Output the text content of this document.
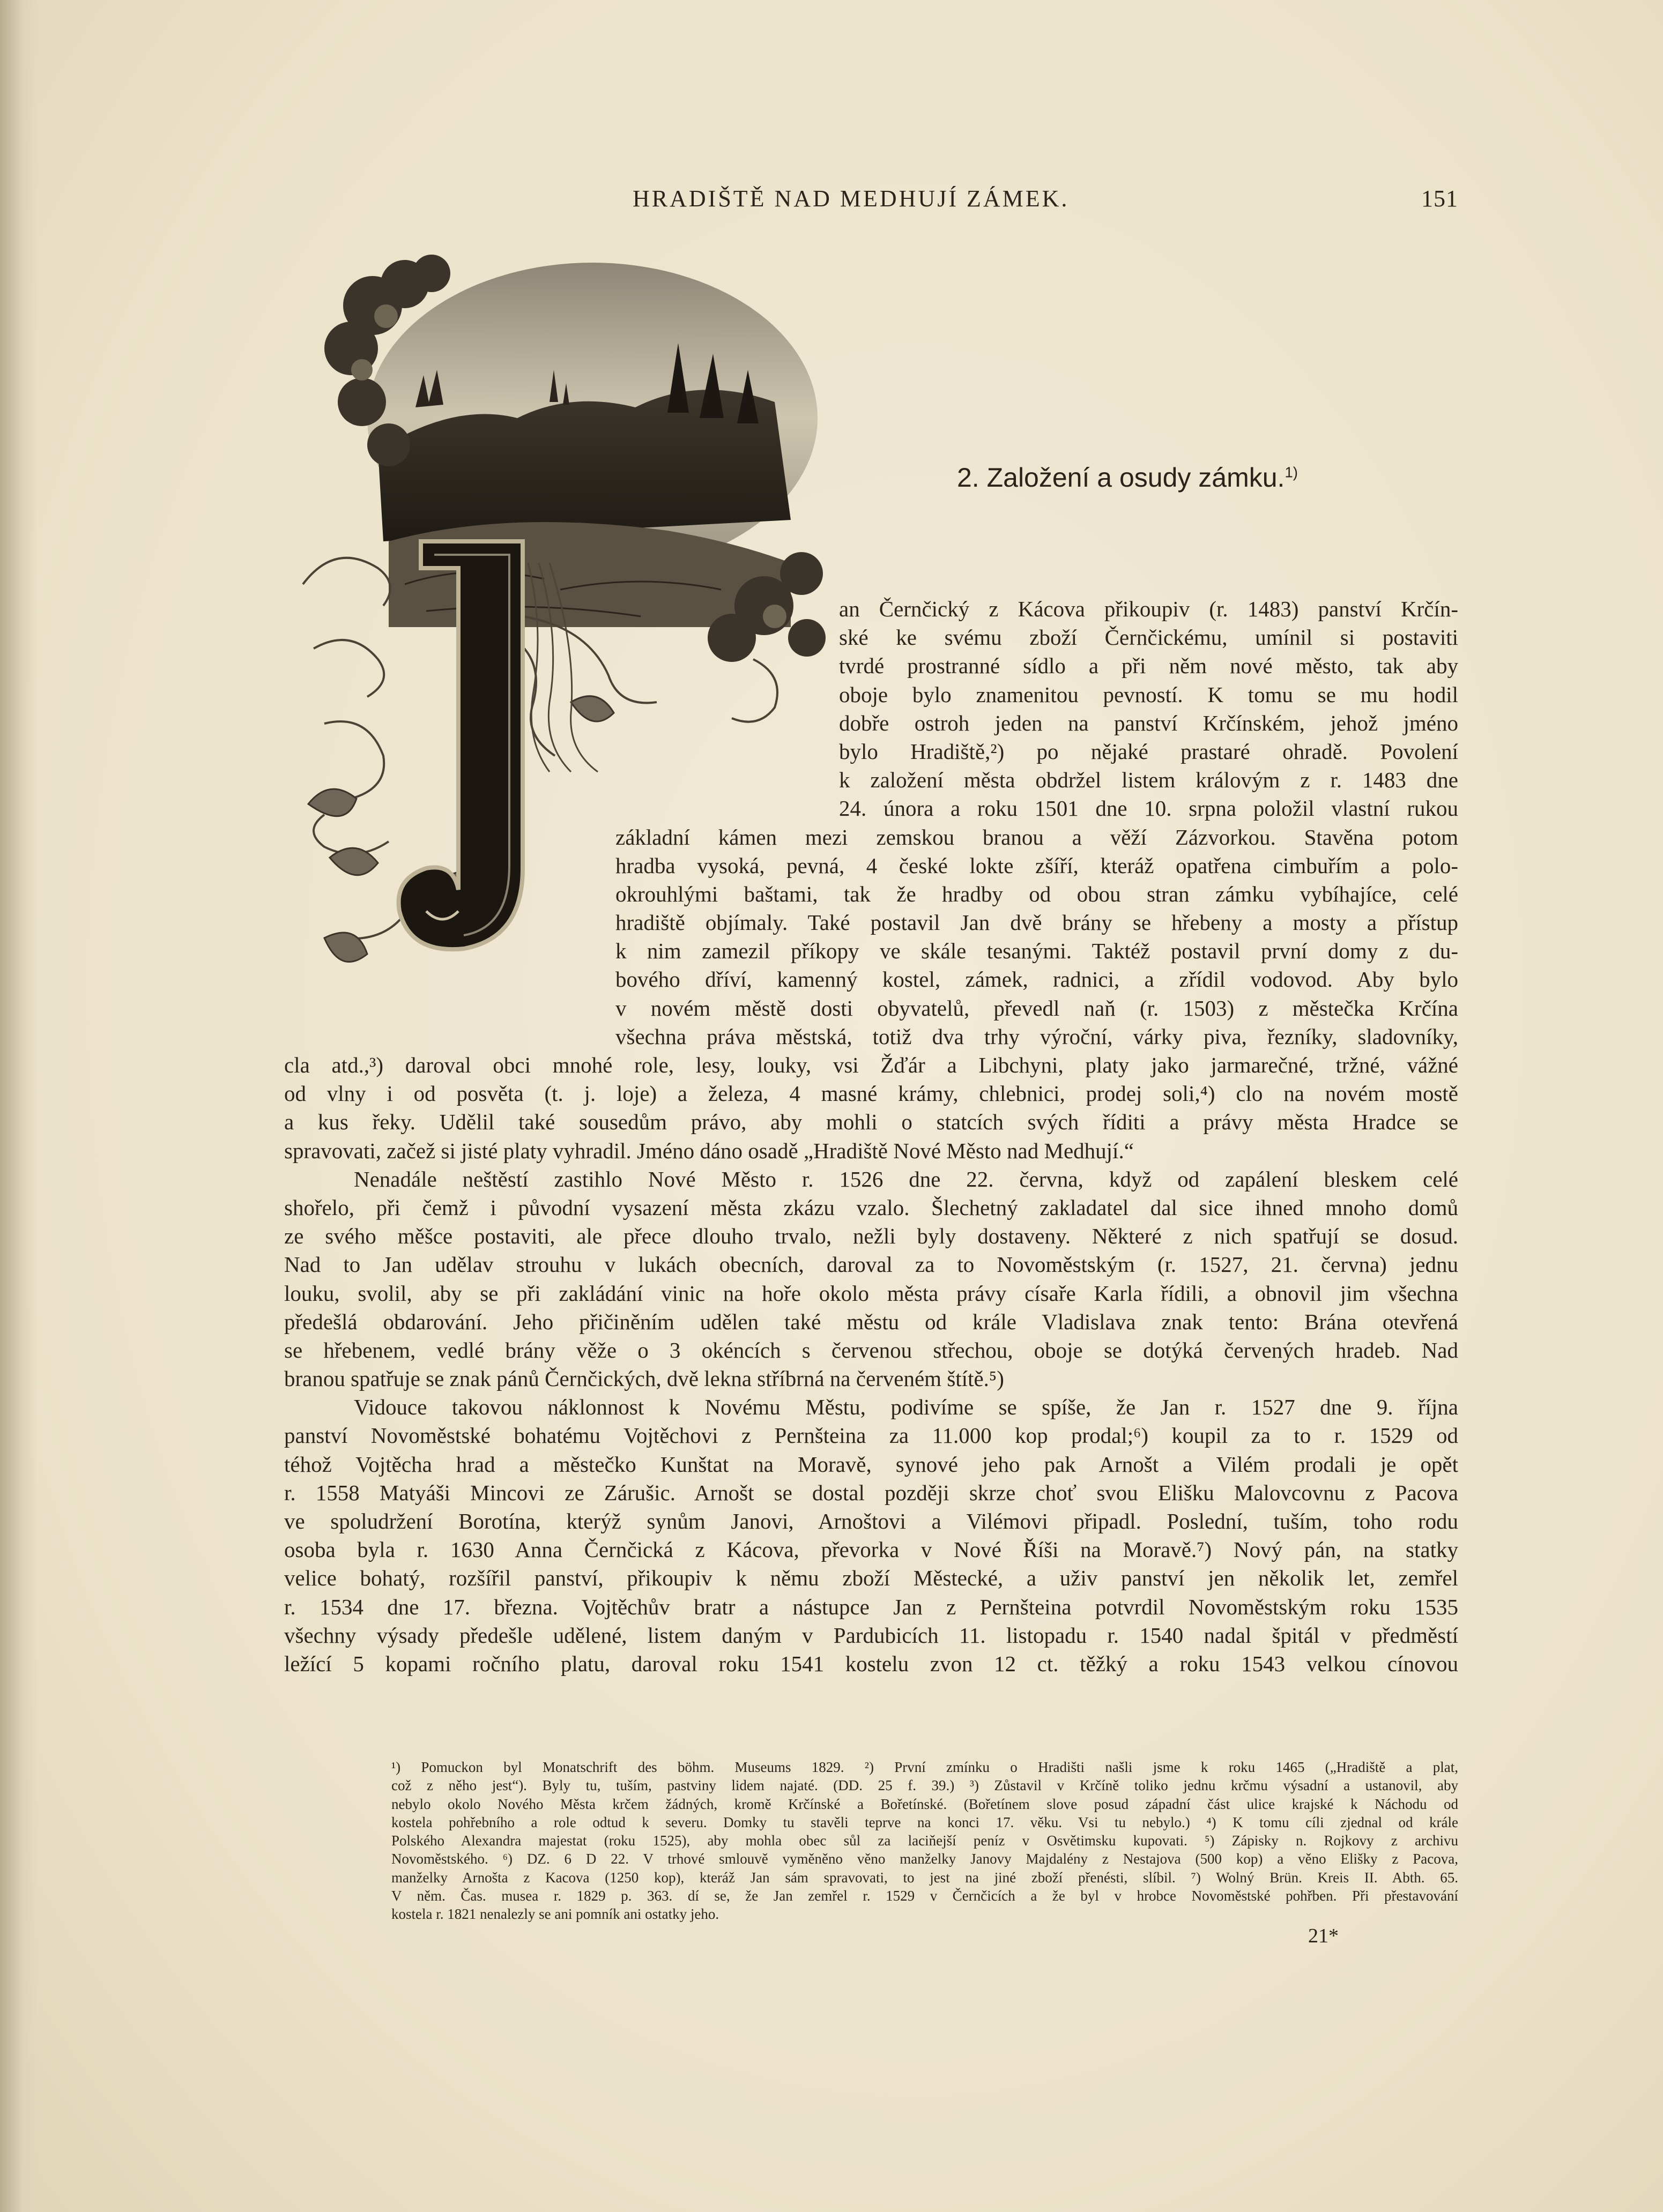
HRADIŠTĚ NAD MEDHUJÍ ZÁMEK.	151
J
2. Založení a osudy zámku.$^{1)}$
an Černčický z Kácova přikoupiv (r. 1483) panství Krčín-
ské ke svému zboží Černčickému, umínil si postaviti
tvrdé prostranné sídlo a při něm nové město, tak aby
oboje bylo znamenitou pevností. K tomu se mu hodil
dobře ostroh jeden na panství Krčínském, jehož jméno
bylo Hradiště,²) po nějaké prastaré ohradě. Povolení
k založení města obdržel listem královým z r. 1483 dne
24. února a roku 1501 dne 10. srpna položil vlastní rukou
základní kámen mezi zemskou branou a věží Zázvorkou. Stavěna potom
hradba vysoká, pevná, 4 české lokte zšíří, kteráž opatřena cimbuřím a polo-
okrouhlými baštami, tak že hradby od obou stran zámku vybíhajíce, celé
hradiště objímaly. Také postavil Jan dvě brány se hřebeny a mosty a přístup
k nim zamezil příkopy ve skále tesanými. Taktéž postavil první domy z du-
bového dříví, kamenný kostel, zámek, radnici, a zřídil vodovod. Aby bylo
v novém městě dosti obyvatelů, převedl naň (r. 1503) z městečka Krčína
všechna práva městská, totiž dva trhy výroční, várky piva, řezníky, sladovníky,
cla atd.,³) daroval obci mnohé role, lesy, louky, vsi Žďár a Libchyni, platy jako jarmarečné, tržné, vážné
od vlny i od posvěta (t. j. loje) a železa, 4 masné krámy, chlebnici, prodej soli,⁴) clo na novém mostě
a kus řeky. Udělil také sousedům právo, aby mohli o statcích svých říditi a právy města Hradce se
spravovati, začež si jisté platy vyhradil. Jméno dáno osadě „Hradiště Nové Město nad Medhují.“
Nenadále neštěstí zastihlo Nové Město r. 1526 dne 22. června, když od zapálení bleskem celé
shořelo, při čemž i původní vysazení města zkázu vzalo. Šlechetný zakladatel dal sice ihned mnoho domů
ze svého měšce postaviti, ale přece dlouho trvalo, nežli byly dostaveny. Některé z nich spatřují se dosud.
Nad to Jan udělav strouhu v lukách obecních, daroval za to Novoměstským (r. 1527, 21. června) jednu
louku, svolil, aby se při zakládání vinic na hoře okolo města právy císaře Karla řídili, a obnovil jim všechna
předešlá obdarování. Jeho přičiněním udělen také městu od krále Vladislava znak tento: Brána otevřená
se hřebenem, vedlé brány věže o 3 okéncích s červenou střechou, oboje se dotýká červených hradeb. Nad
branou spatřuje se znak pánů Černčických, dvě lekna stříbrná na červeném štítě.⁵)
Vidouce takovou náklonnost k Novému Městu, podivíme se spíše, že Jan r. 1527 dne 9. října
panství Novoměstské bohatému Vojtěchovi z Pernšteina za 11.000 kop prodal;⁶) koupil za to r. 1529 od
téhož Vojtěcha hrad a městečko Kunštat na Moravě, synové jeho pak Arnošt a Vilém prodali je opět
r. 1558 Matyáši Mincovi ze Zárušic. Arnošt se dostal později skrze choť svou Elišku Malovcovnu z Pacova
ve spoludržení Borotína, kterýž synům Janovi, Arnoštovi a Vilémovi připadl. Poslední, tuším, toho rodu
osoba byla r. 1630 Anna Černčická z Kácova, převorka v Nové Říši na Moravě.⁷) Nový pán, na statky
velice bohatý, rozšířil panství, přikoupiv k němu zboží Městecké, a uživ panství jen několik let, zemřel
r. 1534 dne 17. března. Vojtěchův bratr a nástupce Jan z Pernšteina potvrdil Novoměstským roku 1535
všechny výsady předešle udělené, listem daným v Pardubicích 11. listopadu r. 1540 nadal špitál v předměstí
ležící 5 kopami ročního platu, daroval roku 1541 kostelu zvon 12 ct. těžký a roku 1543 velkou cínovou
¹) Pomuckon byl Monatschrift des böhm. Museums 1829. ²) První zmínku o Hradišti našli jsme k roku 1465 („Hradiště a plat,
což z něho jest“). Byly tu, tuším, pastviny lidem najaté. (DD. 25 f. 39.) ³) Zůstavil v Krčíně toliko jednu krčmu výsadní a ustanovil, aby
nebylo okolo Nového Města krčem žádných, kromě Krčínské a Bořetínské. (Bořetínem slove posud západní část ulice krajské k Náchodu od
kostela pohřebního a role odtud k severu. Domky tu stavěli teprve na konci 17. věku. Vsi tu nebylo.) ⁴) K tomu cíli zjednal od krále
Polského Alexandra majestat (roku 1525), aby mohla obec sůl za laciňejší peníz v Osvětimsku kupovati. ⁵) Zápisky n. Rojkovy z archivu
Novoměstského. ⁶) DZ. 6 D 22. V trhové smlouvě vyměněno věno manželky Janovy Majdalény z Nestajova (500 kop) a věno Elišky z Pacova,
manželky Arnošta z Kacova (1250 kop), kteráž Jan sám spravovati, to jest na jiné zboží přenésti, slíbil. ⁷) Wolný Brün. Kreis II. Abth. 65.
V něm. Čas. musea r. 1829 p. 363. dí se, že Jan zemřel r. 1529 v Černčicích a že byl v hrobce Novoměstské pohřben. Při přestavování
kostela r. 1821 nenalezly se ani pomník ani ostatky jeho.
21*
